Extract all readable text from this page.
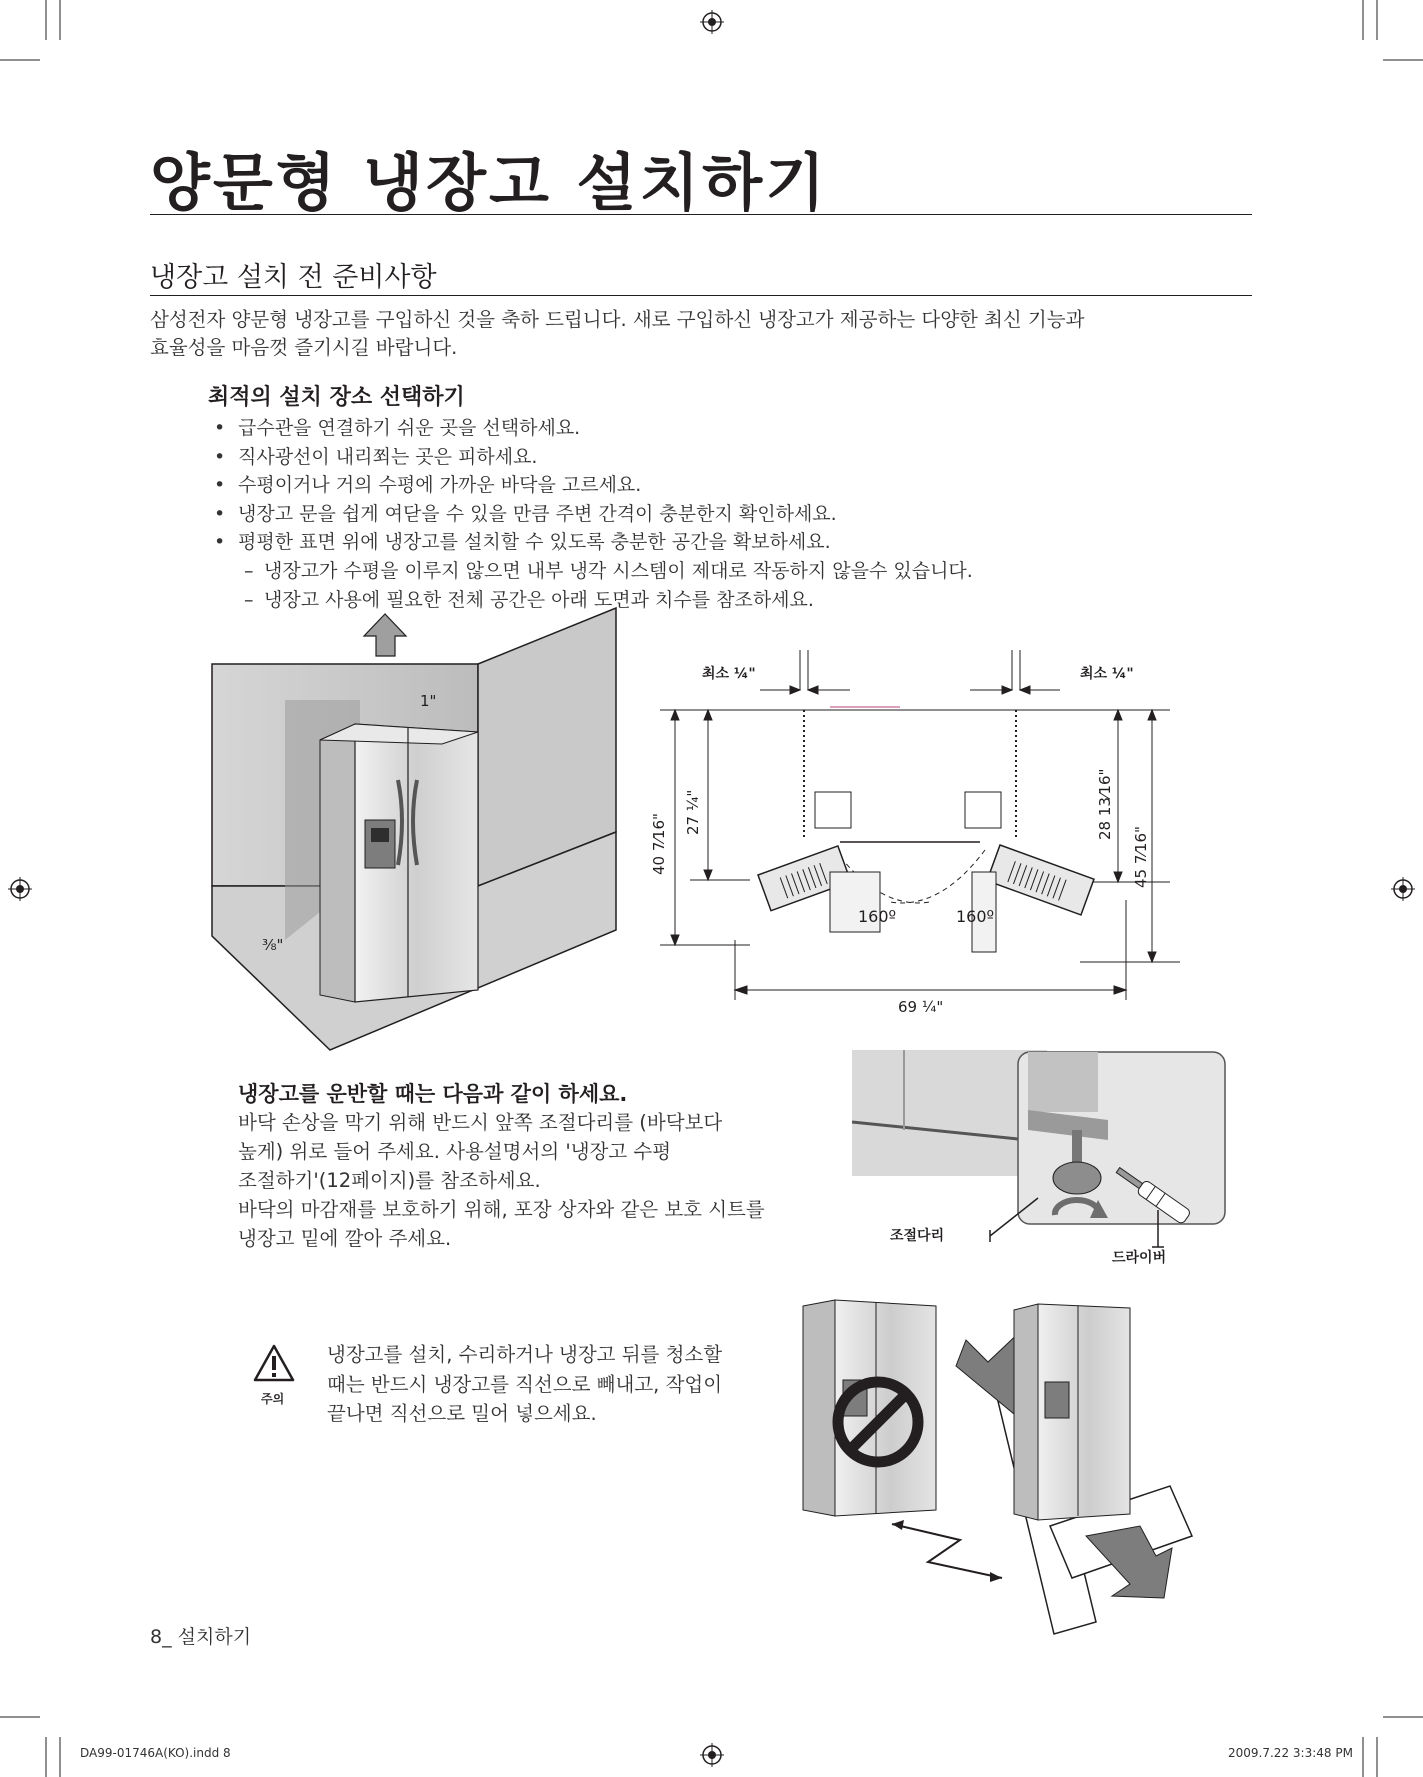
양문형 냉장고 설치하기
냉장고 설치 전 준비사항

삼성전자 양문형 냉장고를 구입하신 것을 축하 드립니다. 새로 구입하신 냉장고가 제공하는 다양한 최신 기능과

효율성을 마음껏 즐기시길 바랍니다.

최적의 설치 장소 선택하기
• 급수관을 연결하기 쉬운 곳을 선택하세요.
• 직사광선이 내리쬐는 곳은 피하세요.
• 수평이거나 거의 수평에 가까운 바닥을 고르세요.
• 냉장고 문을 쉽게 여닫을 수 있을 만큼 주변 간격이 충분한지 확인하세요.
• 평평한 표면 위에 냉장고를 설치할 수 있도록 충분한 공간을 확보하세요.
– 냉장고가 수평을 이루지 않으면 내부 냉각 시스템이 제대로 작동하지 않을수 있습니다.
– 냉장고 사용에 필요한 전체 공간은 아래 도면과 치수를 참조하세요.
1"
⅜"
최소 ¼"	최소 ¼"
40 7⁄16"
27 ¼"	28 13⁄16"
45 7⁄16"
160º	160º
69 ¼"
냉장고를 운반할 때는 다음과 같이 하세요.

바닥 손상을 막기 위해 반드시 앞쪽 조절다리를 (바닥보다

높게) 위로 들어 주세요. 사용설명서의 '냉장고 수평

조절하기'(12페이지)를 참조하세요.

바닥의 마감재를 보호하기 위해, 포장 상자와 같은 보호 시트를

냉장고 밑에 깔아 주세요.	조절다리
드라이버
주의

냉장고를 설치, 수리하거나 냉장고 뒤를 청소할

때는 반드시 냉장고를 직선으로 빼내고, 작업이

끝나면 직선으로 밀어 넣으세요.

8_ 설치하기
DA99-01746A(KO).indd 8	2009.7.22 3:3:48 PM
